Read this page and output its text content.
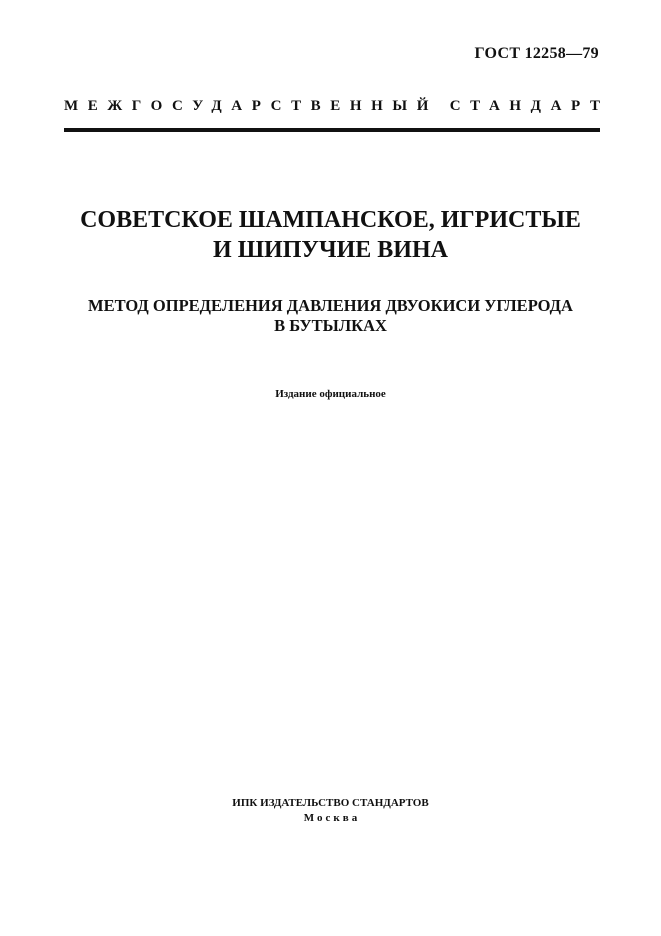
ГОСТ 12258—79
МЕЖГОСУДАРСТВЕННЫЙ СТАНДАРТ
СОВЕТСКОЕ ШАМПАНСКОЕ, ИГРИСТЫЕ
И ШИПУЧИЕ ВИНА
МЕТОД ОПРЕДЕЛЕНИЯ ДАВЛЕНИЯ ДВУОКИСИ УГЛЕРОДА
В БУТЫЛКАХ
Издание официальное
ИПК ИЗДАТЕЛЬСТВО СТАНДАРТОВ
Москва
